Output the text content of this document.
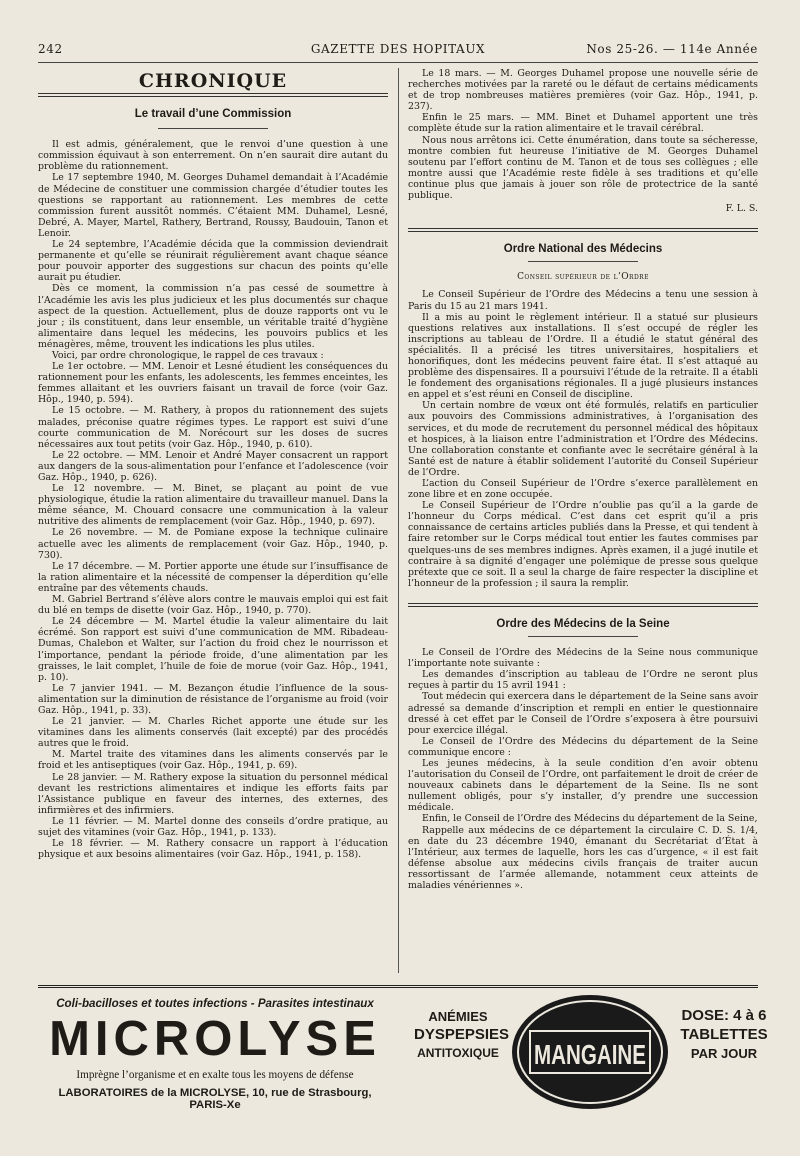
242	GAZETTE DES HOPITAUX	Nos 25-26. — 114e Année
CHRONIQUE
Le travail d’une Commission

Il est admis, généralement, que le renvoi d’une question à une commission équivaut à son enterrement. On n’en saurait dire autant du problème du rationnement.

Le 17 septembre 1940, M. Georges Duhamel demandait à l’Académie de Médecine de constituer une commission chargée d’étudier toutes les questions se rapportant au rationnement. Les membres de cette commission furent aussitôt nommés. C’étaient MM. Duhamel, Lesné, Debré, A. Mayer, Martel, Rathery, Bertrand, Roussy, Baudouin, Tanon et Lenoir.

Le 24 septembre, l’Académie décida que la commission deviendrait permanente et qu’elle se réunirait régulièrement avant chaque séance pour pouvoir apporter des suggestions sur chacun des points qu’elle aurait pu étudier.

Dès ce moment, la commission n’a pas cessé de soumettre à l’Académie les avis les plus judicieux et les plus documentés sur chaque aspect de la question. Actuellement, plus de douze rapports ont vu le jour ; ils constituent, dans leur ensemble, un véritable traité d’hygiène alimentaire dans lequel les médecins, les pouvoirs publics et les ménagères, même, trouvent les indications les plus utiles.

Voici, par ordre chronologique, le rappel de ces travaux :

Le 1er octobre. — MM. Lenoir et Lesné étudient les conséquences du rationnement pour les enfants, les adolescents, les femmes enceintes, les femmes allaitant et les ouvriers faisant un travail de force (voir Gaz. Hôp., 1940, p. 594).

Le 15 octobre. — M. Rathery, à propos du rationnement des sujets malades, préconise quatre régimes types. Le rapport est suivi d’une courte communication de M. Norécourt sur les doses de sucres nécessaires aux tout petits (voir Gaz. Hôp., 1940, p. 610).

Le 22 octobre. — MM. Lenoir et André Mayer consacrent un rapport aux dangers de la sous-alimentation pour l’enfance et l’adolescence (voir Gaz. Hôp., 1940, p. 626).

Le 12 novembre. — M. Binet, se plaçant au point de vue physiologique, étudie la ration alimentaire du travailleur manuel. Dans la même séance, M. Chouard consacre une communication à la valeur nutritive des aliments de remplacement (voir Gaz. Hôp., 1940, p. 697).

Le 26 novembre. — M. de Pomiane expose la technique culinaire actuelle avec les aliments de remplacement (voir Gaz. Hôp., 1940, p. 730).

Le 17 décembre. — M. Portier apporte une étude sur l’insuffisance de la ration alimentaire et la nécessité de compenser la déperdition qu’elle entraîne par des vêtements chauds.

M. Gabriel Bertrand s’élève alors contre le mauvais emploi qui est fait du blé en temps de disette (voir Gaz. Hôp., 1940, p. 770).

Le 24 décembre — M. Martel étudie la valeur alimentaire du lait écrémé. Son rapport est suivi d’une communication de MM. Ribadeau-Dumas, Chalebon et Walter, sur l’action du froid chez le nourrisson et l’importance, pendant la période froide, d’une alimentation par les graisses, le lait complet, l’huile de foie de morue (voir Gaz. Hôp., 1941, p. 10).

Le 7 janvier 1941. — M. Bezançon étudie l’influence de la sous-alimentation sur la diminution de résistance de l’organisme au froid (voir Gaz. Hôp., 1941, p. 33).

Le 21 janvier. — M. Charles Richet apporte une étude sur les vitamines dans les aliments conservés (lait excepté) par des procédés autres que le froid.

M. Martel traite des vitamines dans les aliments conservés par le froid et les antiseptiques (voir Gaz. Hôp., 1941, p. 69).

Le 28 janvier. — M. Rathery expose la situation du personnel médical devant les restrictions alimentaires et indique les efforts faits par l’Assistance publique en faveur des internes, des externes, des infirmières et des infirmiers.

Le 11 février. — M. Martel donne des conseils d’ordre pratique, au sujet des vitamines (voir Gaz. Hôp., 1941, p. 133).

Le 18 février. — M. Rathery consacre un rapport à l’éducation physique et aux besoins alimentaires (voir Gaz. Hôp., 1941, p. 158).

Le 18 mars. — M. Georges Duhamel propose une nouvelle série de recherches motivées par la rareté ou le défaut de certains médicaments et de trop nombreuses matières premières (voir Gaz. Hôp., 1941, p. 237).

Enfin le 25 mars. — MM. Binet et Duhamel apportent une très complète étude sur la ration alimentaire et le travail cérébral.

Nous nous arrêtons ici. Cette énumération, dans toute sa sécheresse, montre combien fut heureuse l’initiative de M. Georges Duhamel soutenu par l’effort continu de M. Tanon et de tous ses collègues ; elle montre aussi que l’Académie reste fidèle à ses traditions et qu’elle continue plus que jamais à jouer son rôle de protectrice de la santé publique.

F. L. S.
Ordre National des Médecins
Conseil supérieur de l’Ordre

Le Conseil Supérieur de l’Ordre des Médecins a tenu une session à Paris du 15 au 21 mars 1941.

Il a mis au point le règlement intérieur. Il a statué sur plusieurs questions relatives aux installations. Il s’est occupé de régler les inscriptions au tableau de l’Ordre. Il a étudié le statut général des spécialités. Il a précisé les titres universitaires, hospitaliers et honorifiques, dont les médecins peuvent faire état. Il s’est attaqué au problème des dispensaires. Il a poursuivi l’étude de la retraite. Il a établi le fondement des organisations régionales. Il a jugé plusieurs instances en appel et s’est réuni en Conseil de discipline.

Un certain nombre de vœux ont été formulés, relatifs en particulier aux pouvoirs des Commissions administratives, à l’organisation des services, et du mode de recrutement du personnel médical des hôpitaux et hospices, à la liaison entre l’administration et l’Ordre des Médecins. Une collaboration constante et confiante avec le secrétaire général à la Santé est de nature à établir solidement l’autorité du Conseil Supérieur de l’Ordre.

L’action du Conseil Supérieur de l’Ordre s’exerce parallèlement en zone libre et en zone occupée.

Le Conseil Supérieur de l’Ordre n’oublie pas qu’il a la garde de l’honneur du Corps médical. C’est dans cet esprit qu’il a pris connaissance de certains articles publiés dans la Presse, et qui tendent à faire retomber sur le Corps médical tout entier les fautes commises par quelques-uns de ses membres indignes. Après examen, il a jugé inutile et contraire à sa dignité d’engager une polémique de presse sous quelque prétexte que ce soit. Il a seul la charge de faire respecter la discipline et l’honneur de la profession ; il saura la remplir.

Ordre des Médecins de la Seine

Le Conseil de l’Ordre des Médecins de la Seine nous communique l’importante note suivante :

Les demandes d’inscription au tableau de l’Ordre ne seront plus reçues à partir du 15 avril 1941 :

Tout médecin qui exercera dans le département de la Seine sans avoir adressé sa demande d’inscription et rempli en entier le questionnaire dressé à cet effet par le Conseil de l’Ordre s’exposera à être poursuivi pour exercice illégal.

Le Conseil de l’Ordre des Médecins du département de la Seine communique encore :

Les jeunes médecins, à la seule condition d’en avoir obtenu l’autorisation du Conseil de l’Ordre, ont parfaitement le droit de créer de nouveaux cabinets dans le département de la Seine. Ils ne sont nullement obligés, pour s’y installer, d’y prendre une succession médicale.

Enfin, le Conseil de l’Ordre des Médecins du département de la Seine,

Rappelle aux médecins de ce département la circulaire C. D. S. 1/4, en date du 23 décembre 1940, émanant du Secrétariat d’État à l’Intérieur, aux termes de laquelle, hors les cas d’urgence, « il est fait défense absolue aux médecins civils français de traiter aucun ressortissant de l’armée allemande, notamment ceux atteints de maladies vénériennes ».

Coli-bacilloses et toutes infections - Parasites intestinaux
MICROLYSE
Imprègne l’organisme et en exalte tous les moyens de défense
LABORATOIRES de la MICROLYSE, 10, rue de Strasbourg, PARIS-Xe
ANÉMIES
DYSPEPSIES
ANTITOXIQUE MANGAINE
DOSE: 4 à 6
TABLETTES
PAR JOUR
